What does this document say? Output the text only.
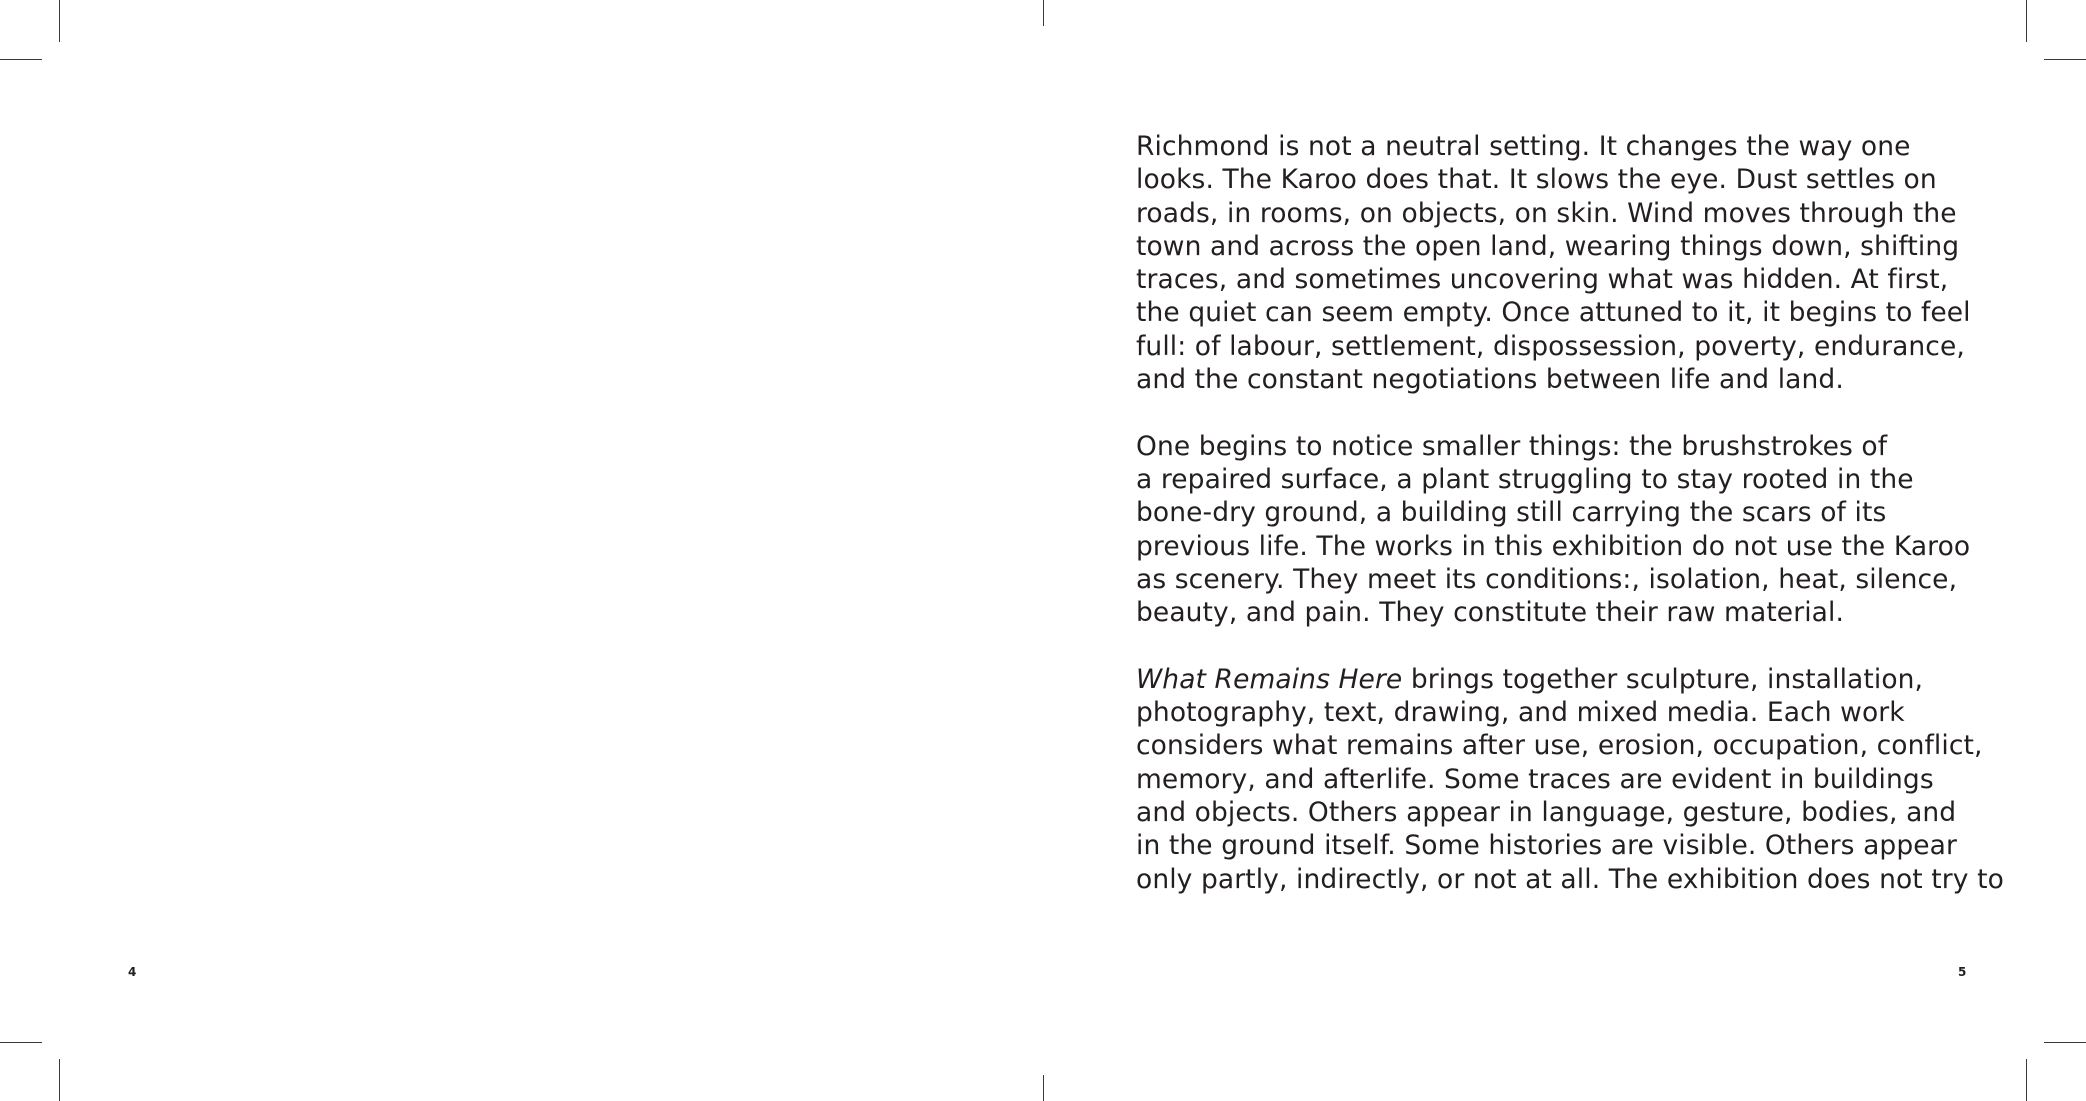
4

Richmond is not a neutral setting. It changes the way one
looks. The Karoo does that. It slows the eye. Dust settles on
roads, in rooms, on objects, on skin. Wind moves through the
town and across the open land, wearing things down, shifting
traces, and sometimes uncovering what was hidden. At first,
the quiet can seem empty. Once attuned to it, it begins to feel
full: of labour, settlement, dispossession, poverty, endurance,
and the constant negotiations between life and land.

One begins to notice smaller things: the brushstrokes of
a repaired surface, a plant struggling to stay rooted in the
bone-dry ground, a building still carrying the scars of its
previous life. The works in this exhibition do not use the Karoo
as scenery. They meet its conditions:, isolation, heat, silence,
beauty, and pain. They constitute their raw material.

What Remains Here brings together sculpture, installation,
photography, text, drawing, and mixed media. Each work
considers what remains after use, erosion, occupation, conflict,
memory, and afterlife. Some traces are evident in buildings
and objects. Others appear in language, gesture, bodies, and
in the ground itself. Some histories are visible. Others appear
only partly, indirectly, or not at all. The exhibition does not try to

5
